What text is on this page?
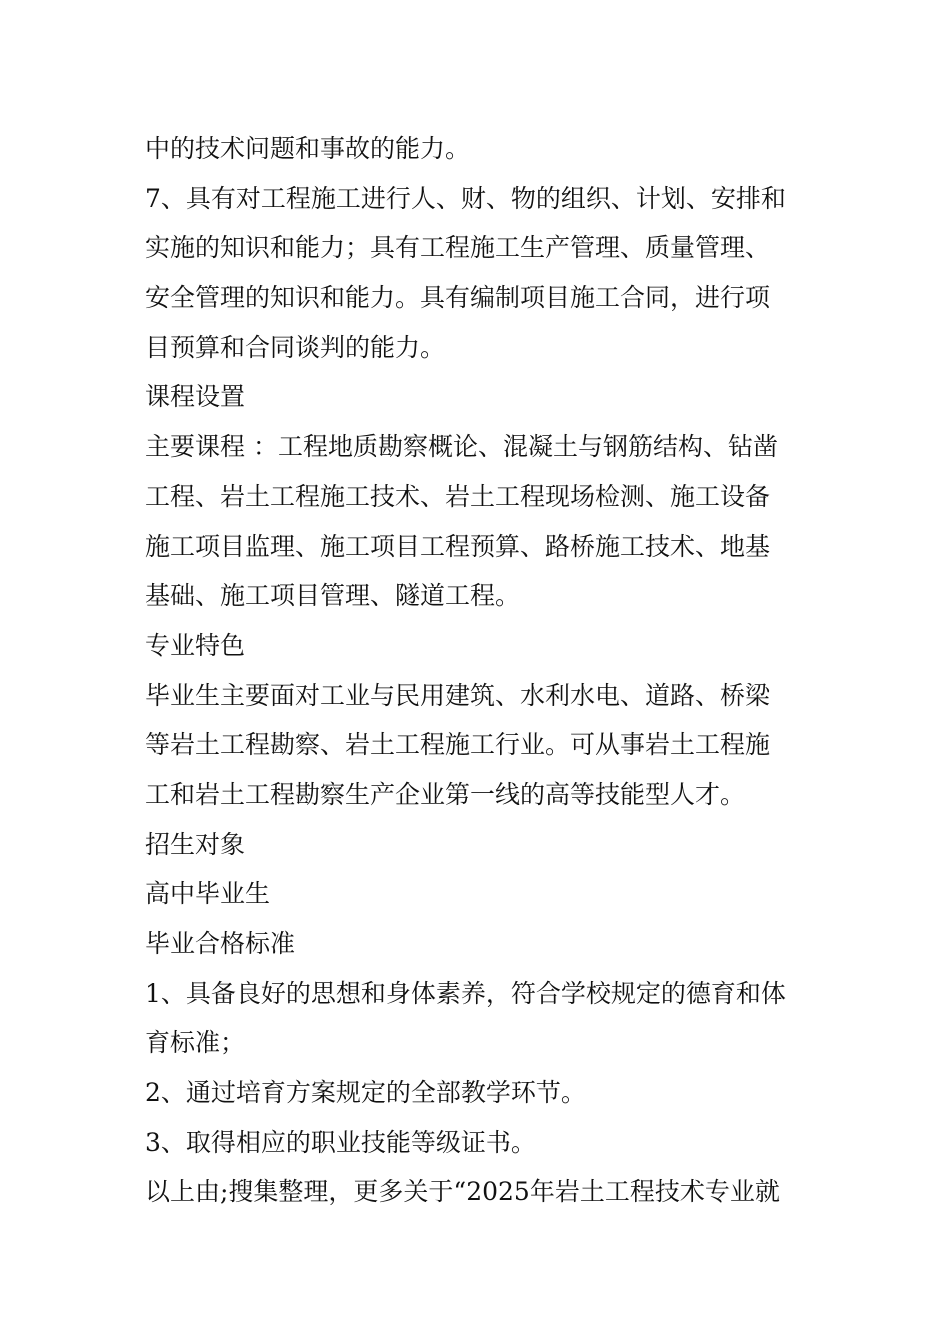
中的技术问题和事故的能力。
7、具有对工程施工进行人、财、物的组织、计划、安排和
实施的知识和能力；具有工程施工生产管理、质量管理、
安全管理的知识和能力。具有编制项目施工合同，进行项
目预算和合同谈判的能力。
课程设置
主要课程 ：工程地质勘察概论、混凝土与钢筋结构、钻凿
工程、岩土工程施工技术、岩土工程现场检测、施工设备
施工项目监理、施工项目工程预算、路桥施工技术、地基
基础、施工项目管理、隧道工程。
专业特色
毕业生主要面对工业与民用建筑、水利水电、道路、桥梁
等岩土工程勘察、岩土工程施工行业。可从事岩土工程施
工和岩土工程勘察生产企业第一线的高等技能型人才。
招生对象
高中毕业生
毕业合格标准
1、具备良好的思想和身体素养，符合学校规定的德育和体
育标准；
2、通过培育方案规定的全部教学环节。
3、取得相应的职业技能等级证书。
以上由;搜集整理，更多关于“2025年岩土工程技术专业就
